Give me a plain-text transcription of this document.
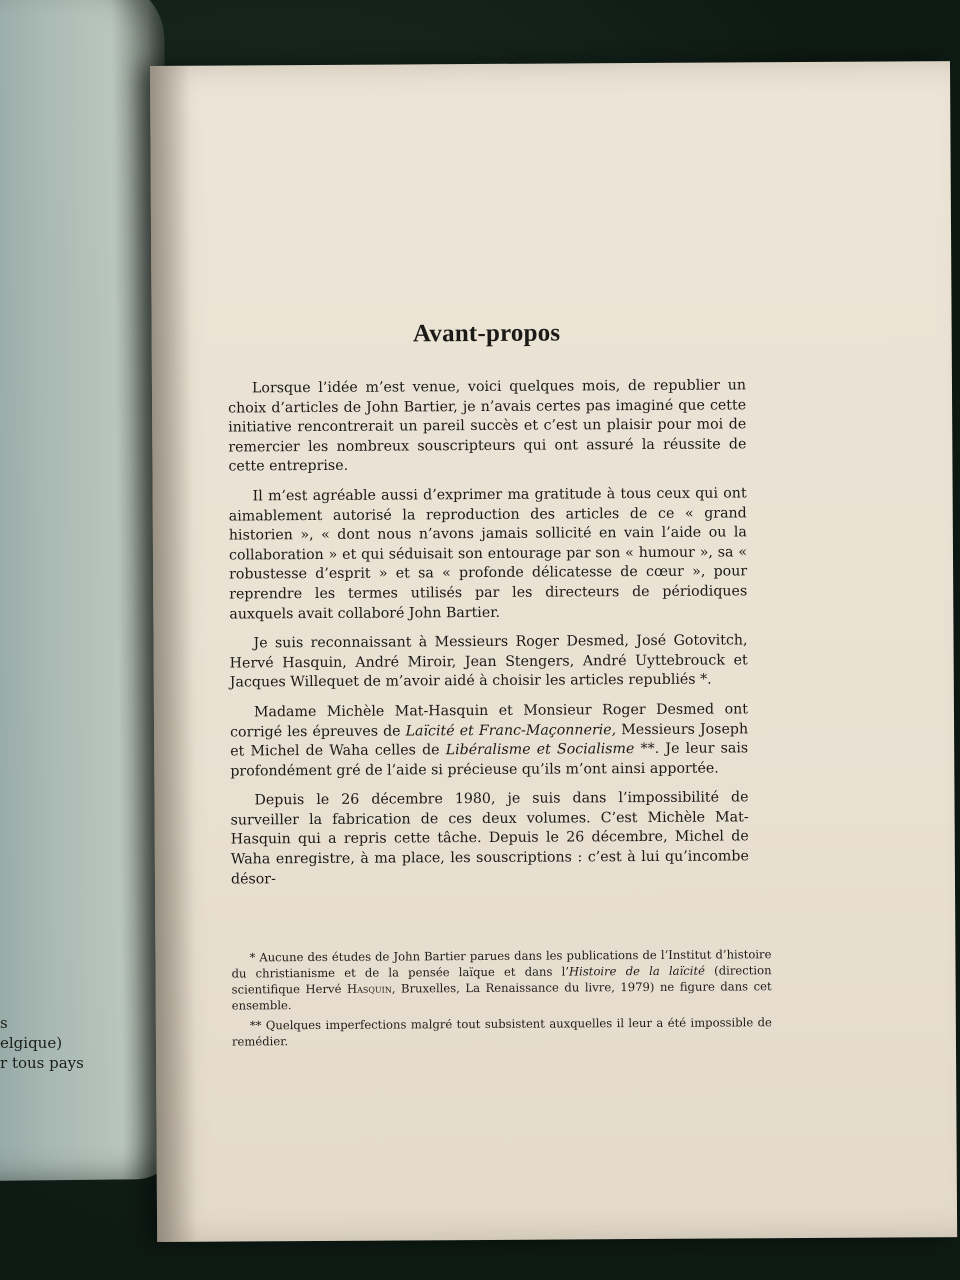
s
elgique)
r tous pays
Avant-propos

Lorsque l’idée m’est venue, voici quelques mois, de republier un choix d’articles de John Bartier, je n’avais certes pas imaginé que cette initiative rencontrerait un pareil succès et c’est un plaisir pour moi de remercier les nombreux souscripteurs qui ont assuré la réussite de cette entreprise.

Il m’est agréable aussi d’exprimer ma gratitude à tous ceux qui ont aimablement autorisé la reproduction des articles de ce « grand historien », « dont nous n’avons jamais sollicité en vain l’aide ou la collaboration » et qui séduisait son entourage par son « humour », sa « robustesse d’esprit » et sa « profonde délicatesse de cœur », pour reprendre les termes utilisés par les directeurs de périodiques auxquels avait collaboré John Bartier.

Je suis reconnaissant à Messieurs Roger Desmed, José Gotovitch, Hervé Hasquin, André Miroir, Jean Stengers, André Uyttebrouck et Jacques Willequet de m’avoir aidé à choisir les articles republiés *.

Madame Michèle Mat-Hasquin et Monsieur Roger Desmed ont corrigé les épreuves de Laïcité et Franc-Maçonnerie, Messieurs Joseph et Michel de Waha celles de Libéralisme et Socialisme **. Je leur sais profondément gré de l’aide si précieuse qu’ils m’ont ainsi apportée.

Depuis le 26 décembre 1980, je suis dans l’impossibilité de surveiller la fabrication de ces deux volumes. C’est Michèle Mat-Hasquin qui a repris cette tâche. Depuis le 26 décembre, Michel de Waha enregistre, à ma place, les souscriptions : c’est à lui qu’incombe désor-

* Aucune des études de John Bartier parues dans les publications de l’Institut d’histoire du christianisme et de la pensée laïque et dans l’Histoire de la laïcité (direction scientifique Hervé Hasquin, Bruxelles, La Renaissance du livre, 1979) ne figure dans cet ensemble.

** Quelques imperfections malgré tout subsistent auxquelles il leur a été impossible de remédier.
